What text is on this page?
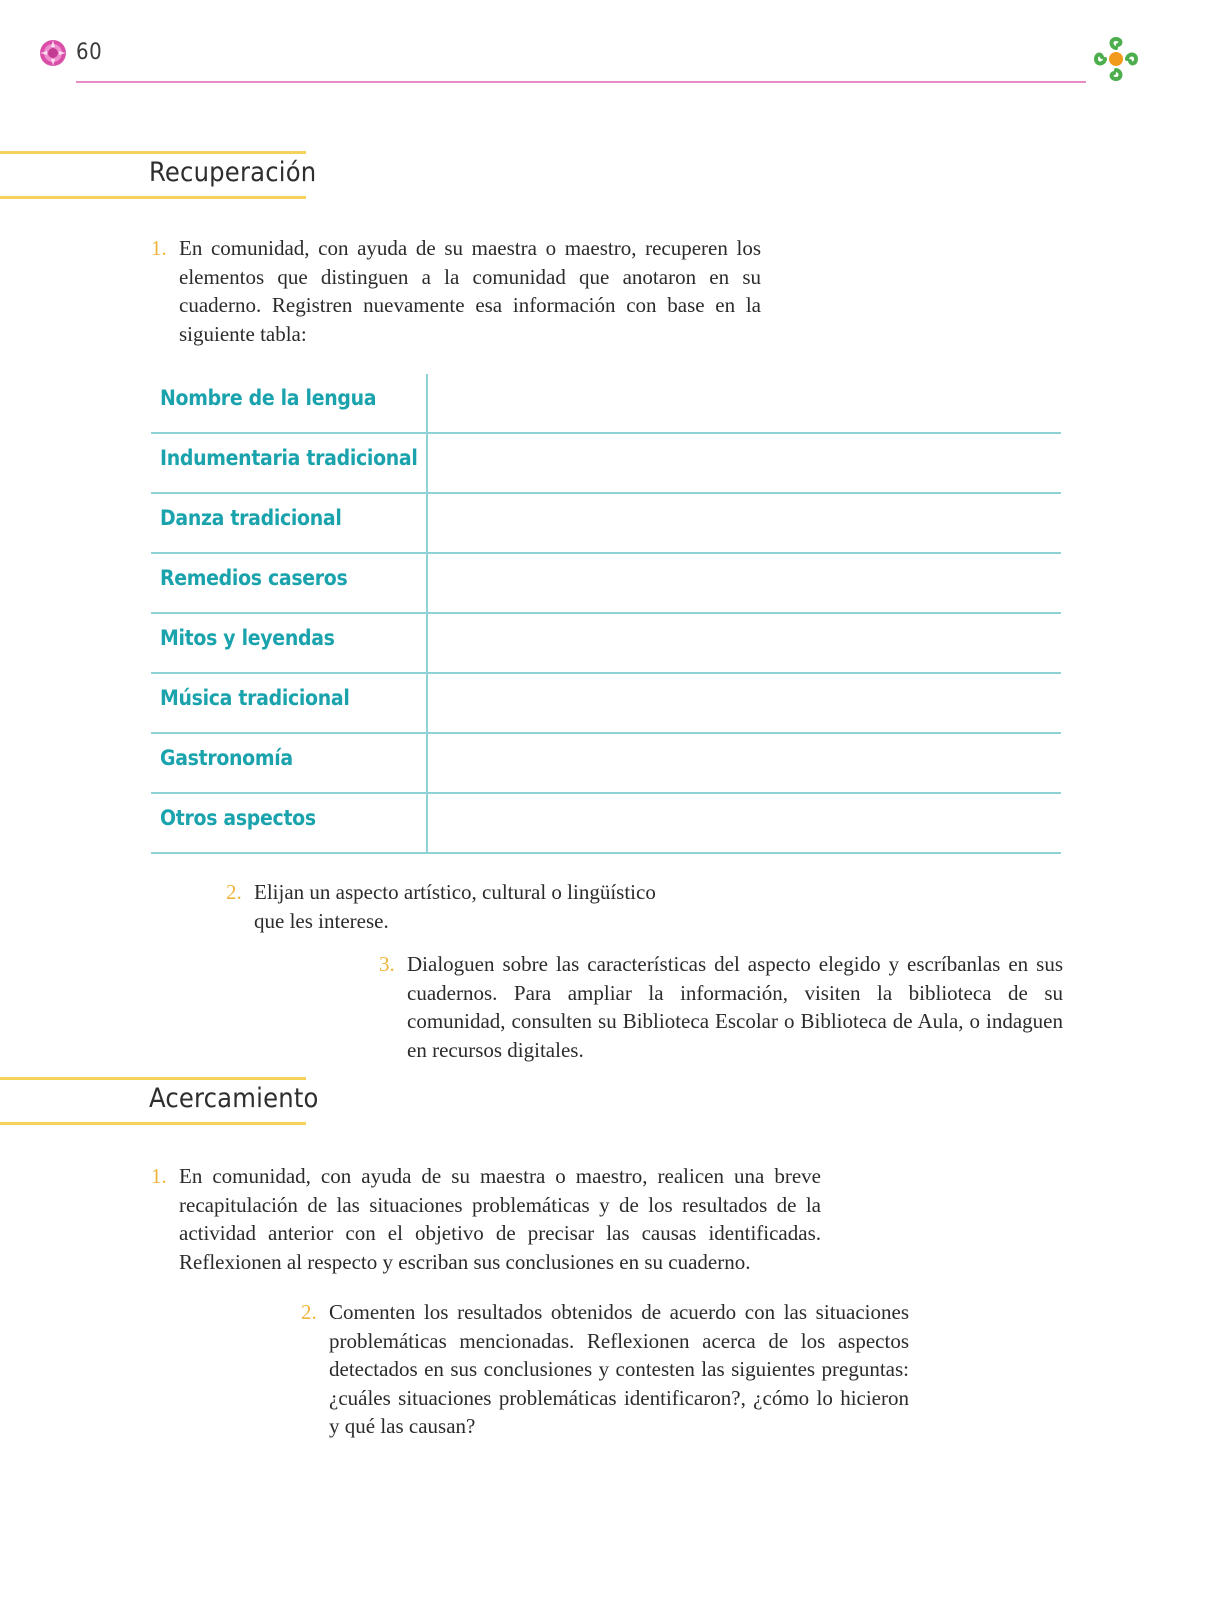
60
Recuperación
1. En comunidad, con ayuda de su maestra o maestro, recuperen los elementos que distinguen a la comunidad que anotaron en su cuaderno. Registren nuevamente esa información con base en la siguiente tabla:
Nombre de la lengua
Indumentaria tradicional
Danza tradicional
Remedios caseros
Mitos y leyendas
Música tradicional
Gastronomía
Otros aspectos
2. Elijan un aspecto artístico, cultural o lingüístico que les interese.
3. Dialoguen sobre las características del aspecto elegido y escríbanlas en sus cuadernos. Para ampliar la información, visiten la biblioteca de su comunidad, consulten su Biblioteca Escolar o Biblioteca de Aula, o indaguen en recursos digitales.
Acercamiento
1. En comunidad, con ayuda de su maestra o maestro, realicen una breve recapitulación de las situaciones problemáticas y de los resultados de la actividad anterior con el objetivo de precisar las causas identificadas. Reflexionen al respecto y escriban sus conclusiones en su cuaderno.
2. Comenten los resultados obtenidos de acuerdo con las situaciones problemáticas mencionadas. Reflexionen acerca de los aspectos detectados en sus conclusiones y contesten las siguientes preguntas: ¿cuáles situaciones problemáticas identificaron?, ¿cómo lo hicieron y qué las causan?
